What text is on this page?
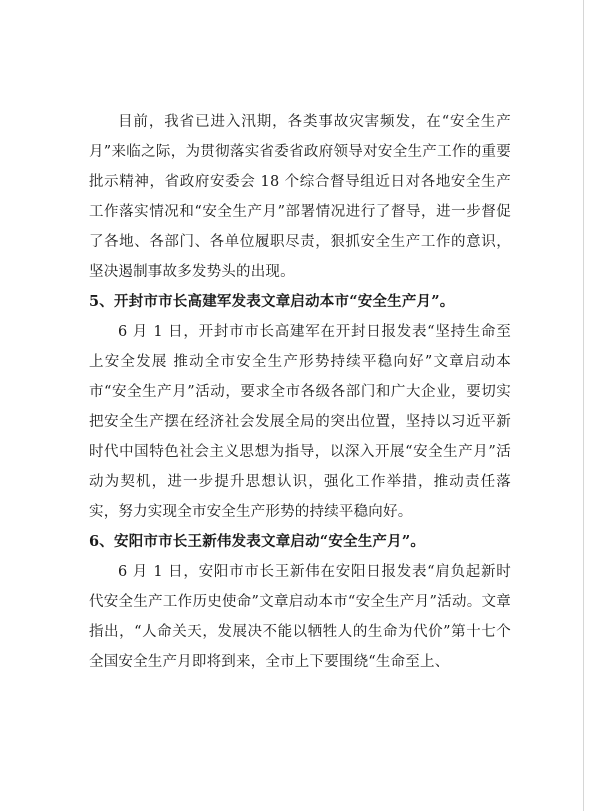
目前，我省已进入汛期，各类事故灾害频发，在“安全生产月”来临之际，为贯彻落实省委省政府领导对安全生产工作的重要批示精神，省政府安委会 18 个综合督导组近日对各地安全生产工作落实情况和“安全生产月”部署情况进行了督导，进一步督促了各地、各部门、各单位履职尽责，狠抓安全生产工作的意识，坚决遏制事故多发势头的出现。

5、开封市市长高建军发表文章启动本市“安全生产月”。

6 月 1 日，开封市市长高建军在开封日报发表“坚持生命至上安全发展 推动全市安全生产形势持续平稳向好”文章启动本市“安全生产月”活动，要求全市各级各部门和广大企业，要切实把安全生产摆在经济社会发展全局的突出位置，坚持以习近平新时代中国特色社会主义思想为指导，以深入开展“安全生产月”活动为契机，进一步提升思想认识，强化工作举措，推动责任落实，努力实现全市安全生产形势的持续平稳向好。

6、安阳市市长王新伟发表文章启动“安全生产月”。

6 月 1 日，安阳市市长王新伟在安阳日报发表“肩负起新时代安全生产工作历史使命”文章启动本市“安全生产月”活动。文章指出，“人命关天，发展决不能以牺牲人的生命为代价”第十七个全国安全生产月即将到来，全市上下要围绕“生命至上、
